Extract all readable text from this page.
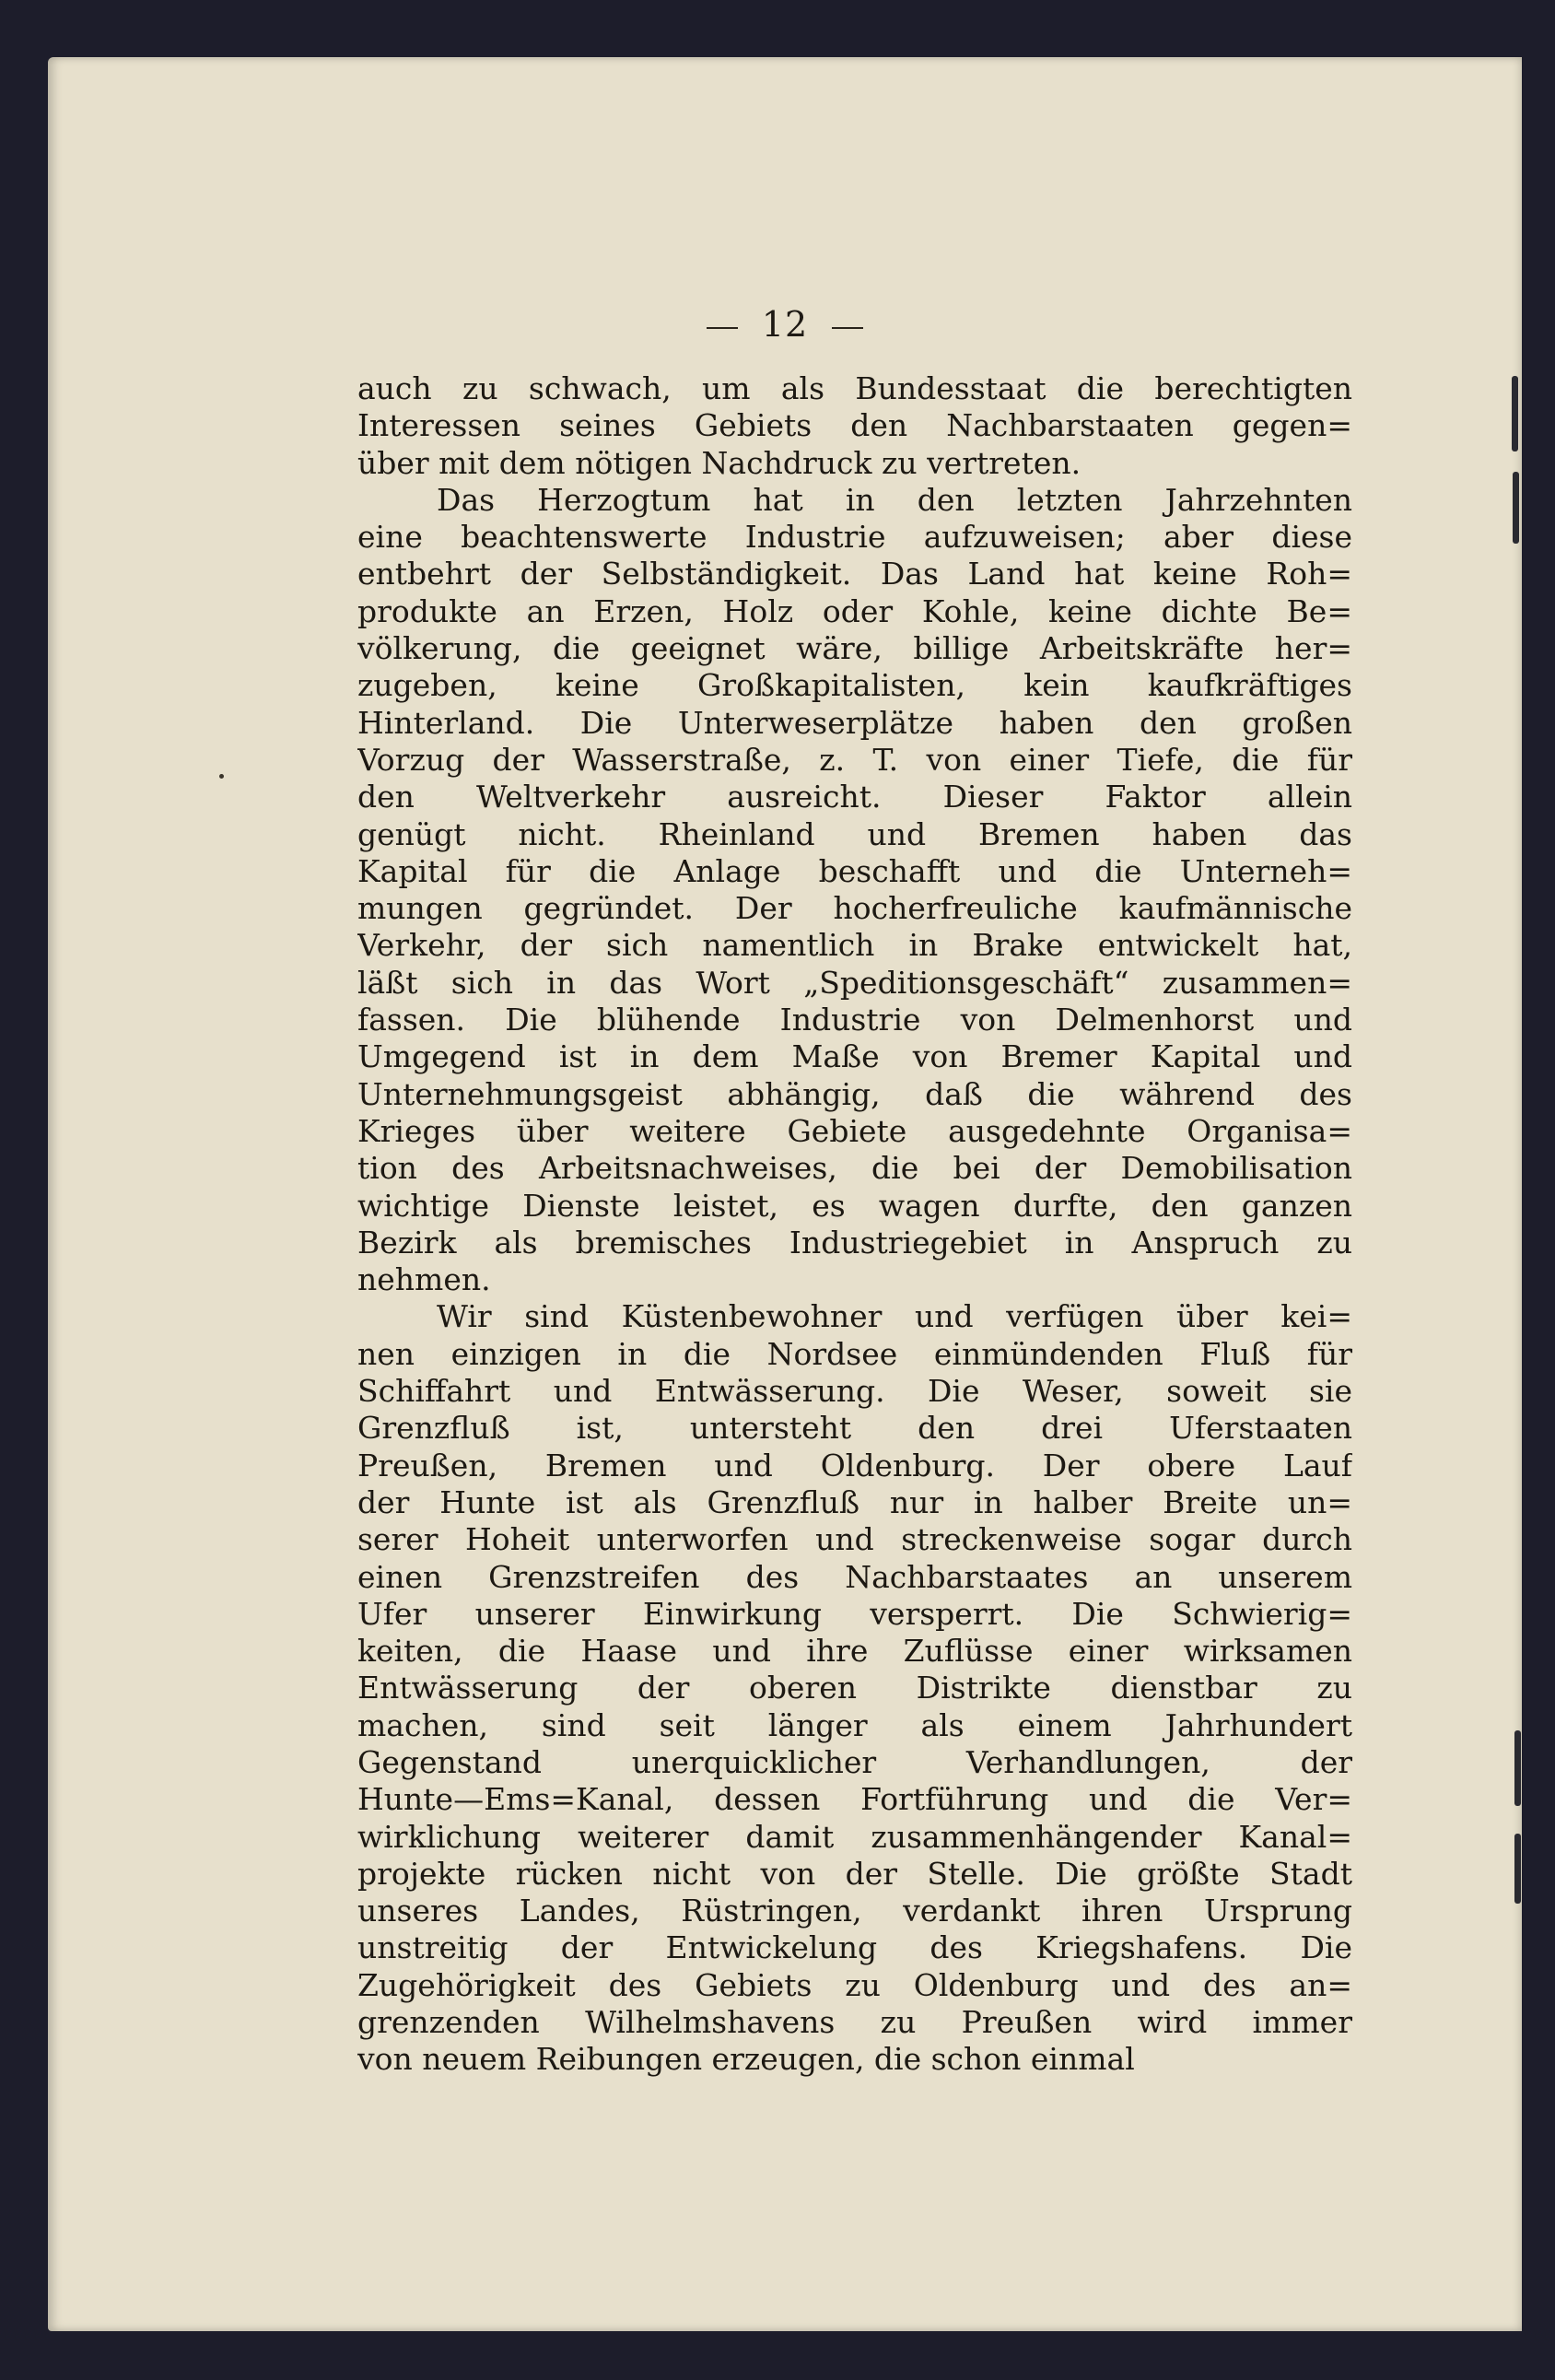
12
auch zu schwach, um als Bundesstaat die berechtigten
Interessen seines Gebiets den Nachbarstaaten gegen=
über mit dem nötigen Nachdruck zu vertreten.
Das Herzogtum hat in den letzten Jahrzehnten
eine beachtenswerte Industrie aufzuweisen; aber diese
entbehrt der Selbständigkeit. Das Land hat keine Roh=
produkte an Erzen, Holz oder Kohle, keine dichte Be=
völkerung, die geeignet wäre, billige Arbeitskräfte her=
zugeben, keine Großkapitalisten, kein kaufkräftiges
Hinterland. Die Unterweserplätze haben den großen
Vorzug der Wasserstraße, z. T. von einer Tiefe, die für
den Weltverkehr ausreicht. Dieser Faktor allein
genügt nicht. Rheinland und Bremen haben das
Kapital für die Anlage beschafft und die Unterneh=
mungen gegründet. Der hocherfreuliche kaufmännische
Verkehr, der sich namentlich in Brake entwickelt hat,
läßt sich in das Wort „Speditionsgeschäft“ zusammen=
fassen. Die blühende Industrie von Delmenhorst und
Umgegend ist in dem Maße von Bremer Kapital und
Unternehmungsgeist abhängig, daß die während des
Krieges über weitere Gebiete ausgedehnte Organisa=
tion des Arbeitsnachweises, die bei der Demobilisation
wichtige Dienste leistet, es wagen durfte, den ganzen
Bezirk als bremisches Industriegebiet in Anspruch zu
nehmen.
Wir sind Küstenbewohner und verfügen über kei=
nen einzigen in die Nordsee einmündenden Fluß für
Schiffahrt und Entwässerung. Die Weser, soweit sie
Grenzfluß ist, untersteht den drei Uferstaaten
Preußen, Bremen und Oldenburg. Der obere Lauf
der Hunte ist als Grenzfluß nur in halber Breite un=
serer Hoheit unterworfen und streckenweise sogar durch
einen Grenzstreifen des Nachbarstaates an unserem
Ufer unserer Einwirkung versperrt. Die Schwierig=
keiten, die Haase und ihre Zuflüsse einer wirksamen
Entwässerung der oberen Distrikte dienstbar zu
machen, sind seit länger als einem Jahrhundert
Gegenstand unerquicklicher Verhandlungen, der
Hunte—Ems=Kanal, dessen Fortführung und die Ver=
wirklichung weiterer damit zusammenhängender Kanal=
projekte rücken nicht von der Stelle. Die größte Stadt
unseres Landes, Rüstringen, verdankt ihren Ursprung
unstreitig der Entwickelung des Kriegshafens. Die
Zugehörigkeit des Gebiets zu Oldenburg und des an=
grenzenden Wilhelmshavens zu Preußen wird immer
von neuem Reibungen erzeugen, die schon einmal
